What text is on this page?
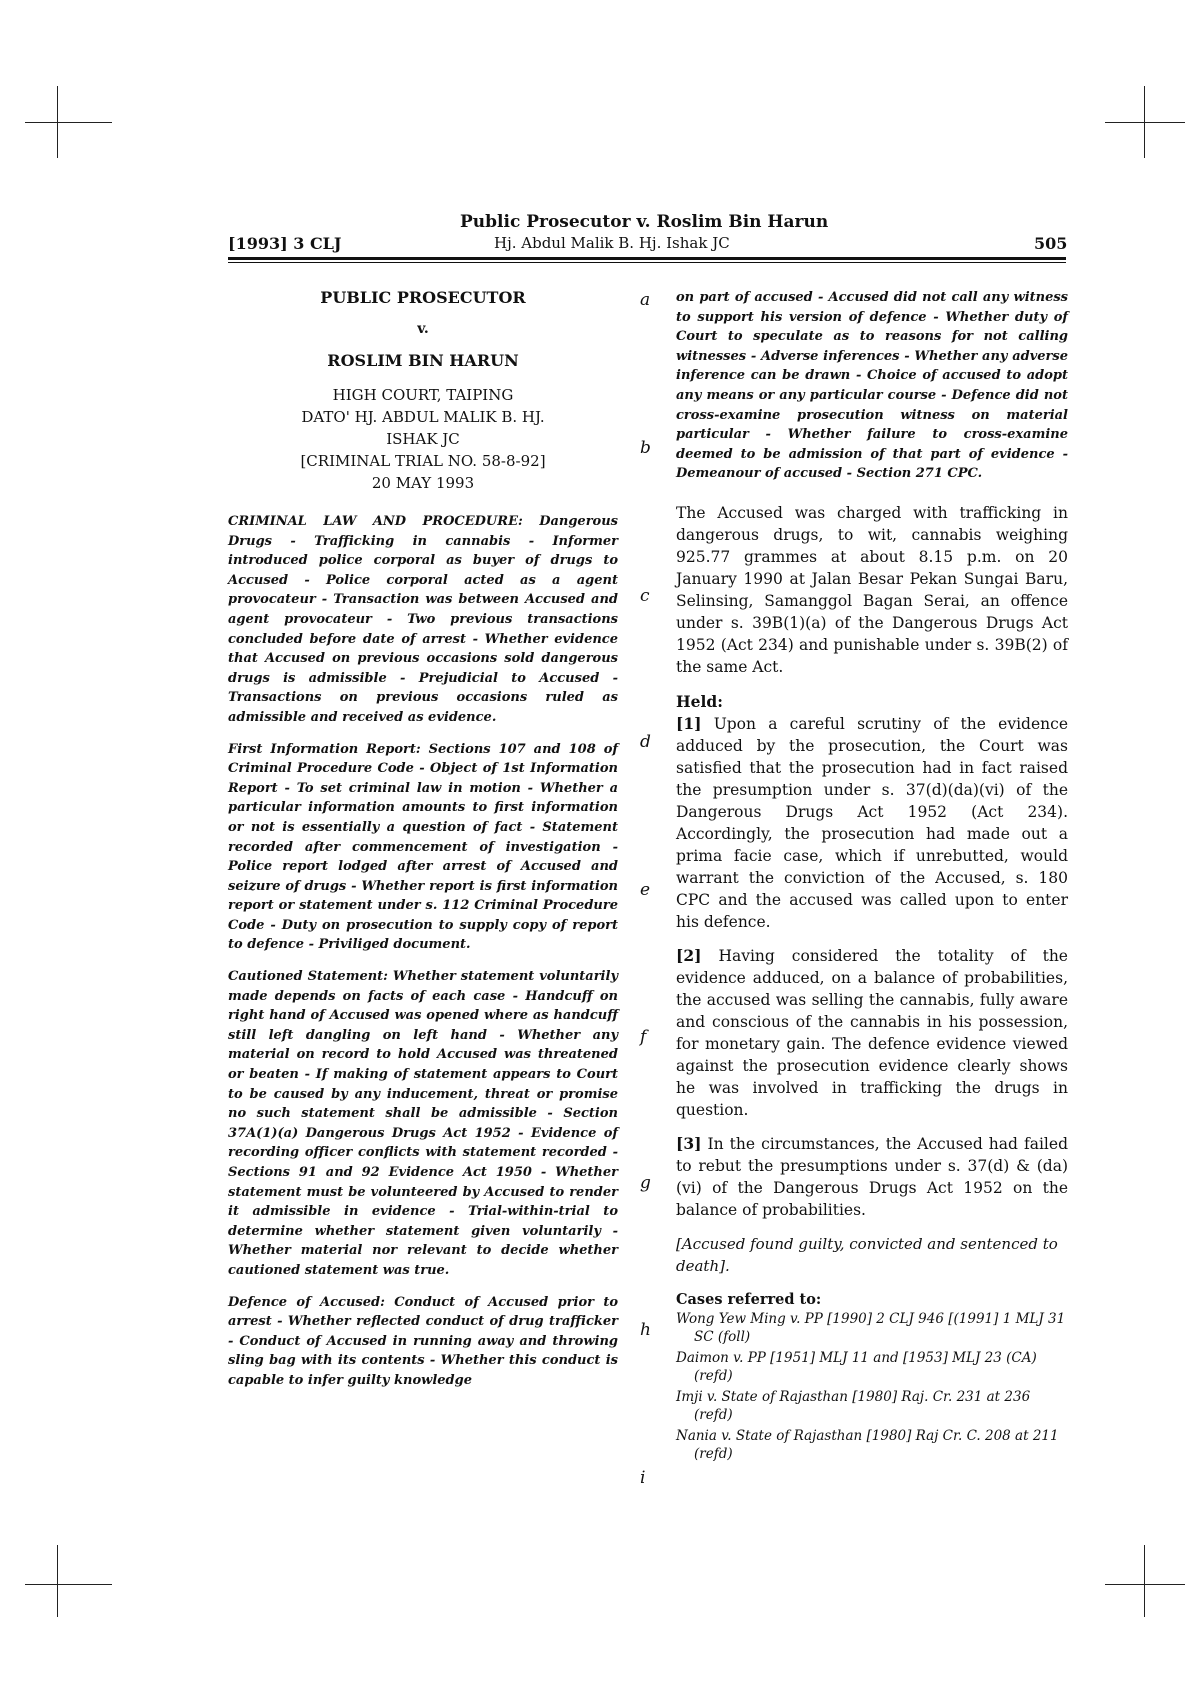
[1993] 3 CLJ
Public Prosecutor v. Roslim Bin Harun
Hj. Abdul Malik B. Hj. Ishak JC	505
a
b
c
d
e
f
g
h
i

PUBLIC PROSECUTOR

v.

ROSLIM BIN HARUN

HIGH COURT, TAIPING
DATO' HJ. ABDUL MALIK B. HJ.
ISHAK JC
[CRIMINAL TRIAL NO. 58-8-92]
20 MAY 1993

CRIMINAL LAW AND PROCEDURE: Dangerous Drugs - Trafficking in cannabis - Informer introduced police corporal as buyer of drugs to Accused - Police corporal acted as a agent provocateur - Transaction was between Accused and agent provocateur - Two previous transactions concluded before date of arrest - Whether evidence that Accused on previous occasions sold dangerous drugs is admissible - Prejudicial to Accused - Transactions on previous occasions ruled as admissible and received as evidence.

First Information Report: Sections 107 and 108 of Criminal Procedure Code - Object of 1st Information Report - To set criminal law in motion - Whether a particular information amounts to first information or not is essentially a question of fact - Statement recorded after commencement of investigation - Police report lodged after arrest of Accused and seizure of drugs - Whether report is first information report or statement under s. 112 Criminal Procedure Code - Duty on prosecution to supply copy of report to defence - Priviliged document.

Cautioned Statement: Whether statement voluntarily made depends on facts of each case - Handcuff on right hand of Accused was opened where as handcuff still left dangling on left hand - Whether any material on record to hold Accused was threatened or beaten - If making of statement appears to Court to be caused by any inducement, threat or promise no such statement shall be admissible - Section 37A(1)(a) Dangerous Drugs Act 1952 - Evidence of recording officer conflicts with statement recorded - Sections 91 and 92 Evidence Act 1950 - Whether statement must be volunteered by Accused to render it admissible in evidence - Trial-within-trial to determine whether statement given voluntarily - Whether material nor relevant to decide whether cautioned statement was true.

Defence of Accused: Conduct of Accused prior to arrest - Whether reflected conduct of drug trafficker - Conduct of Accused in running away and throwing sling bag with its contents - Whether this conduct is capable to infer guilty knowledge

on part of accused - Accused did not call any witness to support his version of defence - Whether duty of Court to speculate as to reasons for not calling witnesses - Adverse inferences - Whether any adverse inference can be drawn - Choice of accused to adopt any means or any particular course - Defence did not cross-examine prosecution witness on material particular - Whether failure to cross-examine deemed to be admission of that part of evidence - Demeanour of accused - Section 271 CPC.

The Accused was charged with trafficking in dangerous drugs, to wit, cannabis weighing 925.77 grammes at about 8.15 p.m. on 20 January 1990 at Jalan Besar Pekan Sungai Baru, Selinsing, Samanggol Bagan Serai, an offence under s. 39B(1)(a) of the Dangerous Drugs Act 1952 (Act 234) and punishable under s. 39B(2) of the same Act.

Held:

[1] Upon a careful scrutiny of the evidence adduced by the prosecution, the Court was satisfied that the prosecution had in fact raised the presumption under s. 37(d)(da)(vi) of the Dangerous Drugs Act 1952 (Act 234). Accordingly, the prosecution had made out a prima facie case, which if unrebutted, would warrant the conviction of the Accused, s. 180 CPC and the accused was called upon to enter his defence.

[2] Having considered the totality of the evidence adduced, on a balance of probabilities, the accused was selling the cannabis, fully aware and conscious of the cannabis in his possession, for monetary gain. The defence evidence viewed against the prosecution evidence clearly shows he was involved in trafficking the drugs in question.

[3] In the circumstances, the Accused had failed to rebut the presumptions under s. 37(d) & (da)(vi) of the Dangerous Drugs Act 1952 on the balance of probabilities.

[Accused found guilty, convicted and sentenced to death].

Cases referred to:

Wong Yew Ming v. PP [1990] 2 CLJ 946 [(1991] 1 MLJ 31 SC (foll)

Daimon v. PP [1951] MLJ 11 and [1953] MLJ 23 (CA) (refd)

Imji v. State of Rajasthan [1980] Raj. Cr. 231 at 236 (refd)

Nania v. State of Rajasthan [1980] Raj Cr. C. 208 at 211 (refd)
